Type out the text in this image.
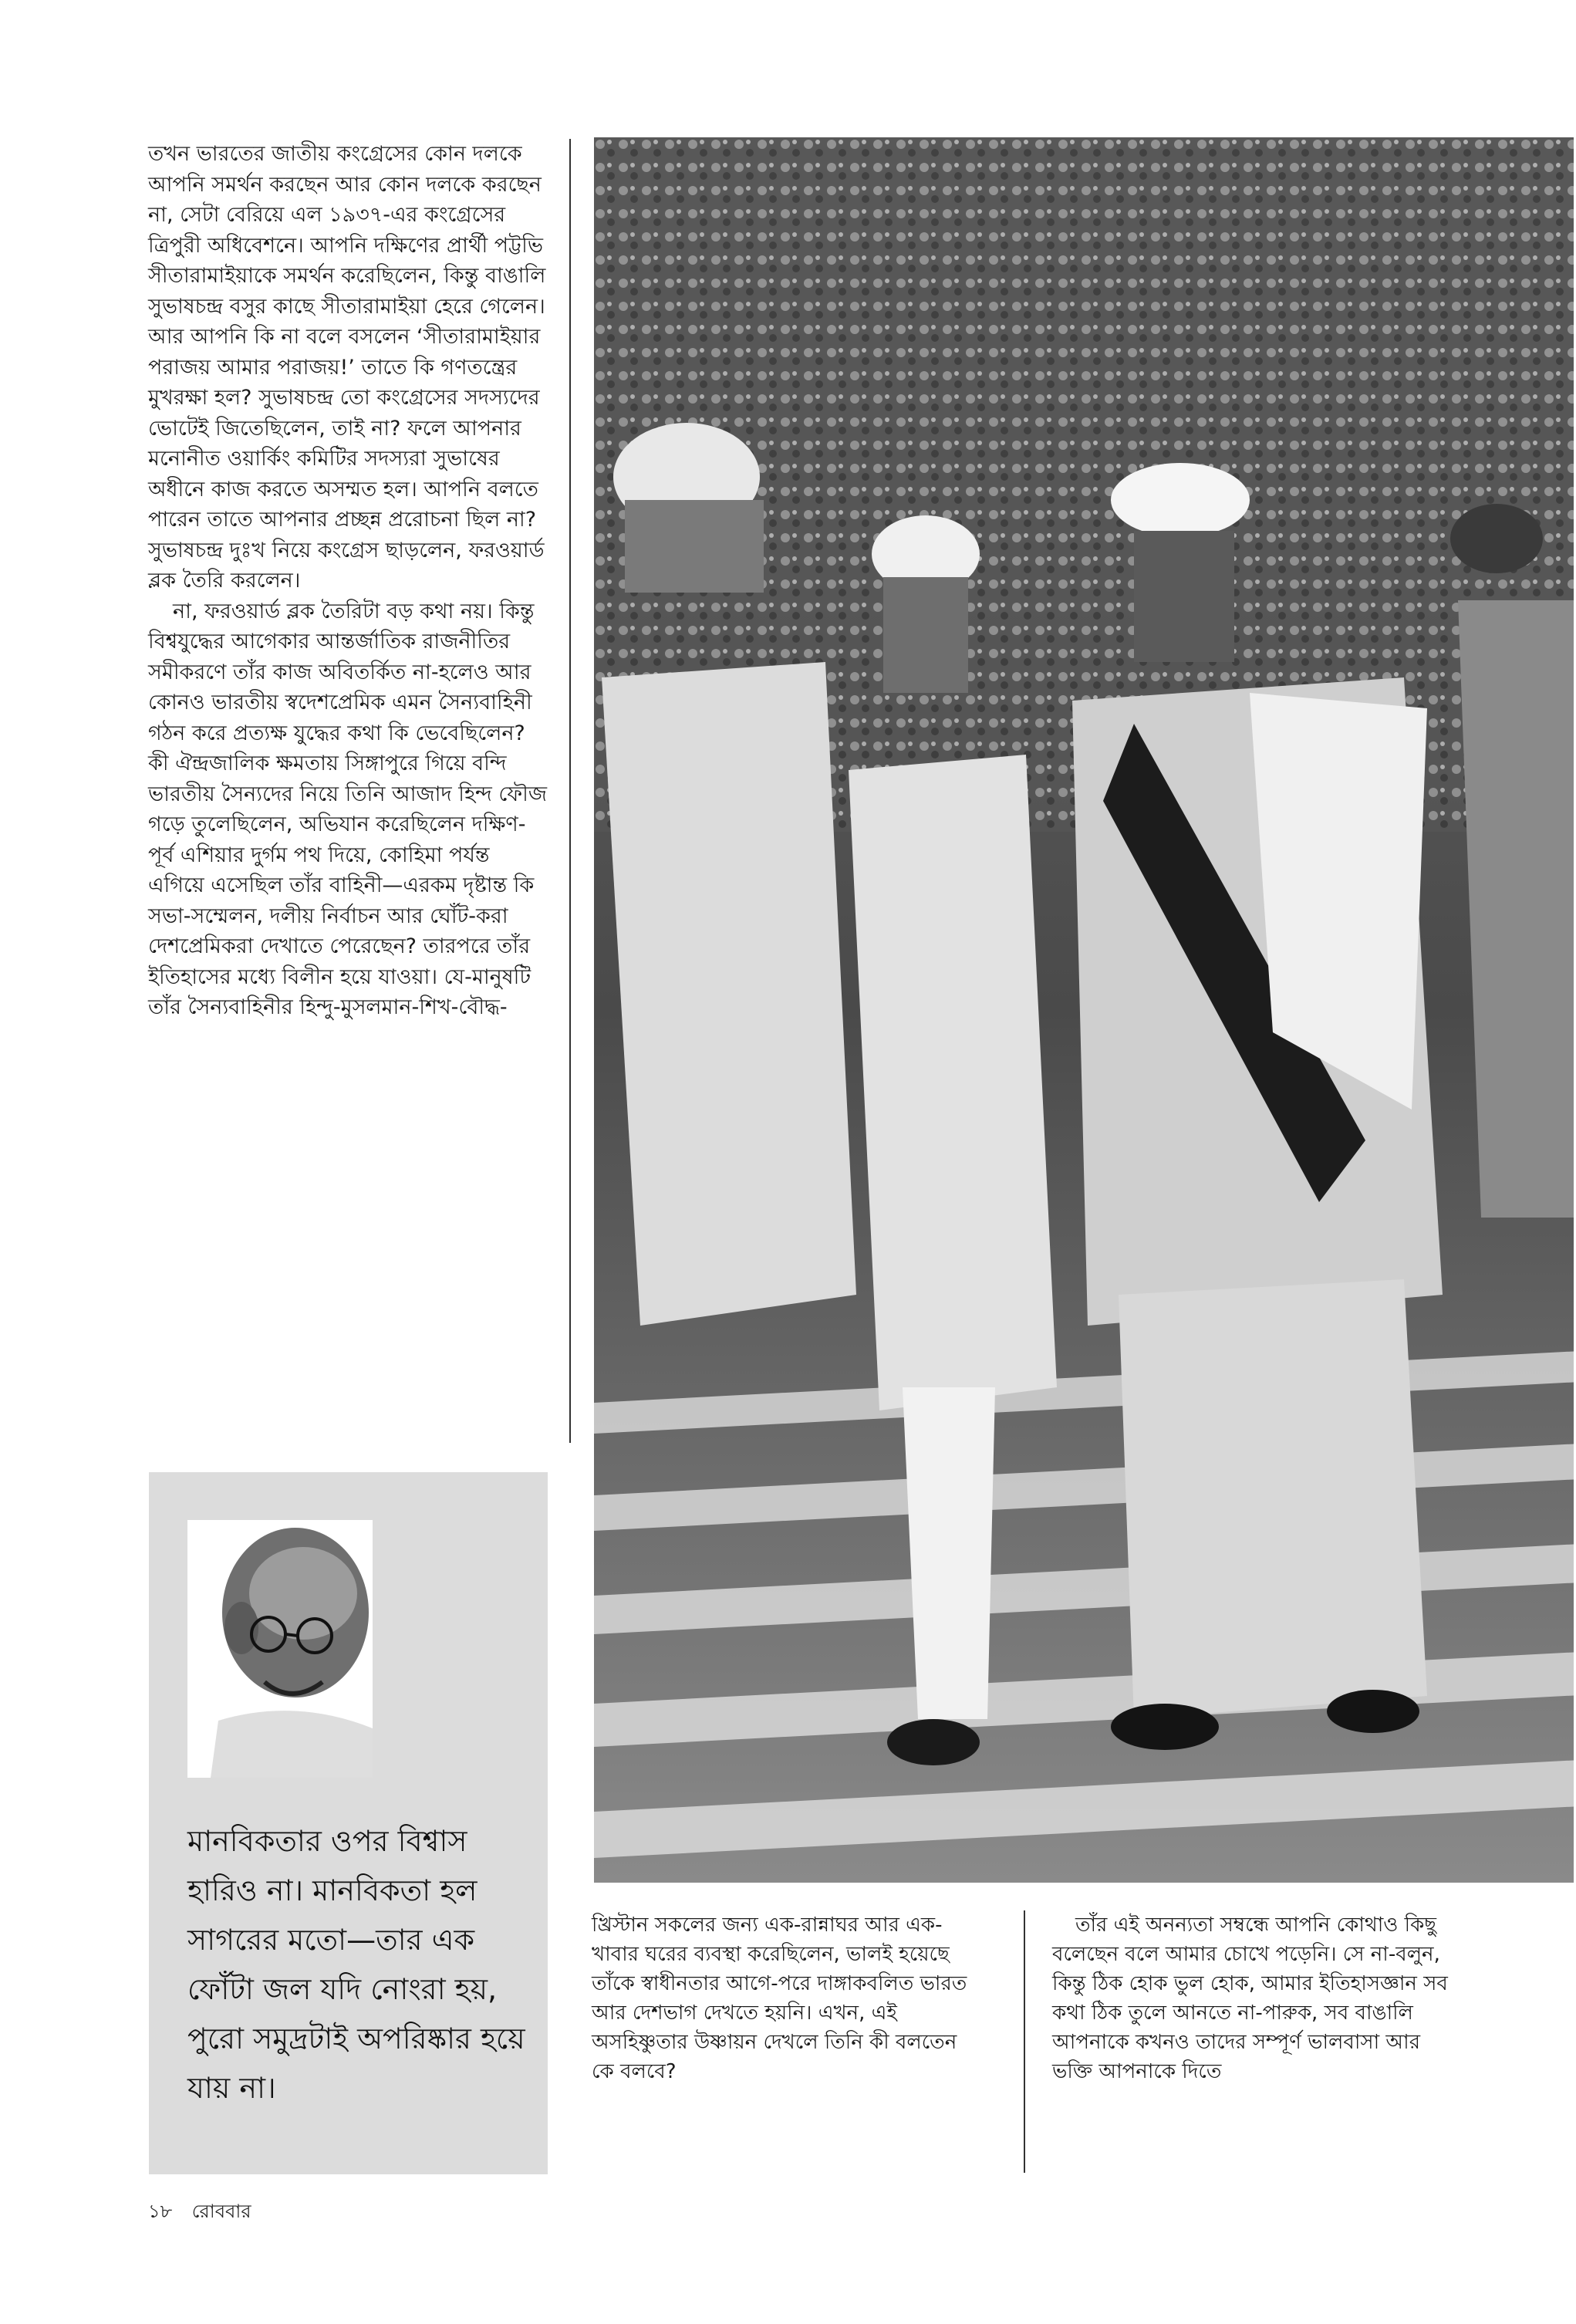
তখন ভারতের জাতীয় কংগ্রেসের কোন দলকে আপনি সমর্থন করছেন আর কোন দলকে করছেন না, সেটা বেরিয়ে এল ১৯৩৭-এর কংগ্রেসের ত্রিপুরী অধিবেশনে। আপনি দক্ষিণের প্রার্থী পট্টভি সীতারামাইয়াকে সমর্থন করেছিলেন, কিন্তু বাঙালি সুভাষচন্দ্র বসুর কাছে সীতারামাইয়া হেরে গেলেন। আর আপনি কি না বলে বসলেন ‘সীতারামাইয়ার পরাজয় আমার পরাজয়!’ তাতে কি গণতন্ত্রের মুখরক্ষা হল? সুভাষচন্দ্র তো কংগ্রেসের সদস্যদের ভোটেই জিতেছিলেন, তাই না? ফলে আপনার মনোনীত ওয়ার্কিং কমিটির সদস্যরা সুভাষের অধীনে কাজ করতে অসম্মত হল। আপনি বলতে পারেন তাতে আপনার প্রচ্ছন্ন প্ররোচনা ছিল না? সুভাষচন্দ্র দুঃখ নিয়ে কংগ্রেস ছাড়লেন, ফরওয়ার্ড ব্লক তৈরি করলেন।

না, ফরওয়ার্ড ব্লক তৈরিটা বড় কথা নয়। কিন্তু বিশ্বযুদ্ধের আগেকার আন্তর্জাতিক রাজনীতির সমীকরণে তাঁর কাজ অবিতর্কিত না-হলেও আর কোনও ভারতীয় স্বদেশপ্রেমিক এমন সৈন্যবাহিনী গঠন করে প্রত্যক্ষ যুদ্ধের কথা কি ভেবেছিলেন? কী ঐন্দ্রজালিক ক্ষমতায় সিঙ্গাপুরে গিয়ে বন্দি ভারতীয় সৈন্যদের নিয়ে তিনি আজাদ হিন্দ ফৌজ গড়ে তুলেছিলেন, অভিযান করেছিলেন দক্ষিণ-পূর্ব এশিয়ার দুর্গম পথ দিয়ে, কোহিমা পর্যন্ত এগিয়ে এসেছিল তাঁর বাহিনী—এরকম দৃষ্টান্ত কি সভা-সম্মেলন, দলীয় নির্বাচন আর ঘোঁট-করা দেশপ্রেমিকরা দেখাতে পেরেছেন? তারপরে তাঁর ইতিহাসের মধ্যে বিলীন হয়ে যাওয়া। যে-মানুষটি তাঁর সৈন্যবাহিনীর হিন্দু-মুসলমান-শিখ-বৌদ্ধ-

মানবিকতার ওপর বিশ্বাস হারিও না। মানবিকতা হল সাগরের মতো—তার এক ফোঁটা জল যদি নোংরা হয়, পুরো সমুদ্রটাই অপরিষ্কার হয়ে যায় না।

খ্রিস্টান সকলের জন্য এক-রান্নাঘর আর এক-খাবার ঘরের ব্যবস্থা করেছিলেন, ভালই হয়েছে তাঁকে স্বাধীনতার আগে-পরে দাঙ্গাকবলিত ভারত আর দেশভাগ দেখতে হয়নি। এখন, এই অসহিষ্ণুতার উষ্ণায়ন দেখলে তিনি কী বলতেন কে বলবে?

তাঁর এই অনন্যতা সম্বন্ধে আপনি কোথাও কিছু বলেছেন বলে আমার চোখে পড়েনি। সে না-বলুন, কিন্তু ঠিক হোক ভুল হোক, আমার ইতিহাসজ্ঞান সব কথা ঠিক তুলে আনতে না-পারুক, সব বাঙালি আপনাকে কখনও তাদের সম্পূর্ণ ভালবাসা আর ভক্তি আপনাকে দিতে

১৮ রোববার
